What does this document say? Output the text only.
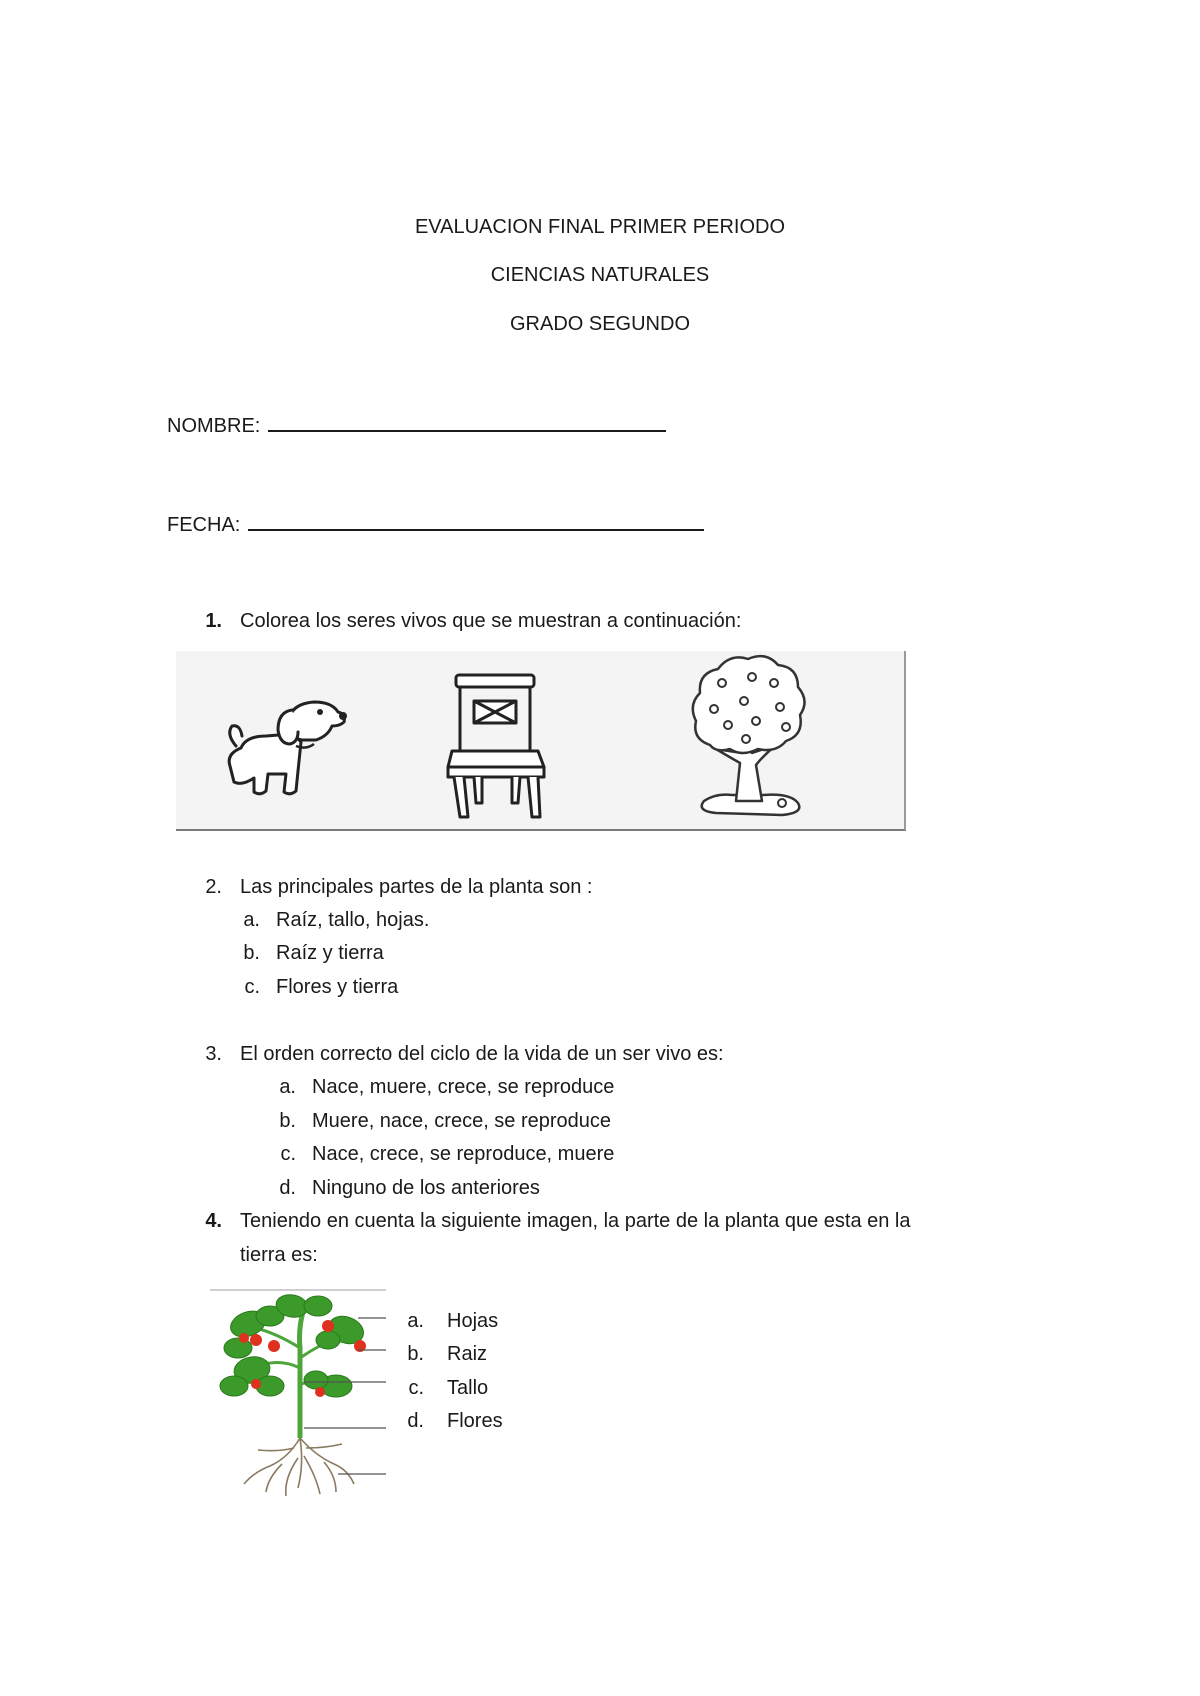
EVALUACION FINAL PRIMER PERIODO
CIENCIAS NATURALES
GRADO SEGUNDO
NOMBRE:
FECHA:
1. Colorea los seres vivos que se muestran a continuación:
2. Las principales partes de la planta son :
a. Raíz, tallo, hojas.
b. Raíz y tierra
c. Flores y tierra
3. El orden correcto del ciclo de la vida de un ser vivo es:
a. Nace, muere, crece, se reproduce
b. Muere, nace, crece, se reproduce
c. Nace, crece, se reproduce, muere
d. Ninguno de los anteriores
4. Teniendo en cuenta la siguiente imagen, la parte de la planta que esta en la
tierra es:
a. Hojas
b. Raiz
c. Tallo
d. Flores
